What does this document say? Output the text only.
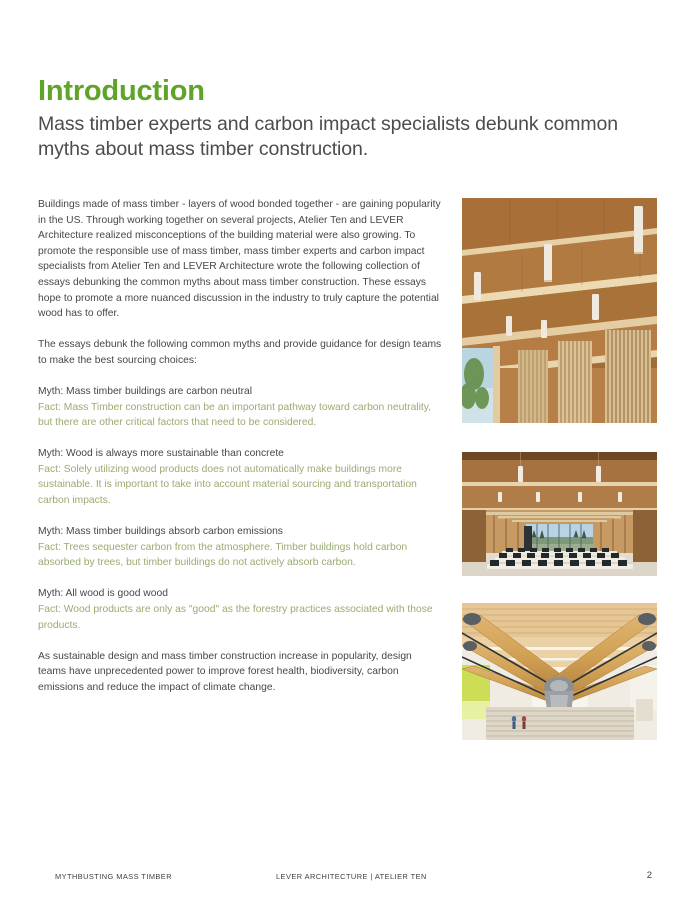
Introduction
Mass timber experts and carbon impact specialists debunk common myths about mass timber construction.

Buildings made of mass timber - layers of wood bonded together - are gaining popularity in the US. Through working together on several projects, Atelier Ten and LEVER Architecture realized misconceptions of the building material were also growing. To promote the responsible use of mass timber, mass timber experts and carbon impact specialists from Atelier Ten and LEVER Architecture wrote the following collection of essays debunking the common myths about mass timber construction. These essays hope to promote a more nuanced discussion in the industry to truly capture the potential wood has to offer.

The essays debunk the following common myths and provide guidance for design teams to make the best sourcing choices:

Myth: Mass timber buildings are carbon neutral

Fact: Mass Timber construction can be an important pathway toward carbon neutrality, but there are other critical factors that need to be considered.

Myth: Wood is always more sustainable than concrete

Fact: Solely utilizing wood products does not automatically make buildings more sustainable. It is important to take into account material sourcing and transportation carbon impacts.

Myth: Mass timber buildings absorb carbon emissions

Fact: Trees sequester carbon from the atmosphere. Timber buildings hold carbon absorbed by trees, but timber buildings do not actively absorb carbon.

Myth: All wood is good wood

Fact: Wood products are only as "good" as the forestry practices associated with those products.

As sustainable design and mass timber construction increase in popularity, design teams have unprecedented power to improve forest health, biodiversity, carbon emissions and reduce the impact of climate change.

MYTHBUSTING MASS TIMBER	LEVER ARCHITECTURE | ATELIER TEN	2
